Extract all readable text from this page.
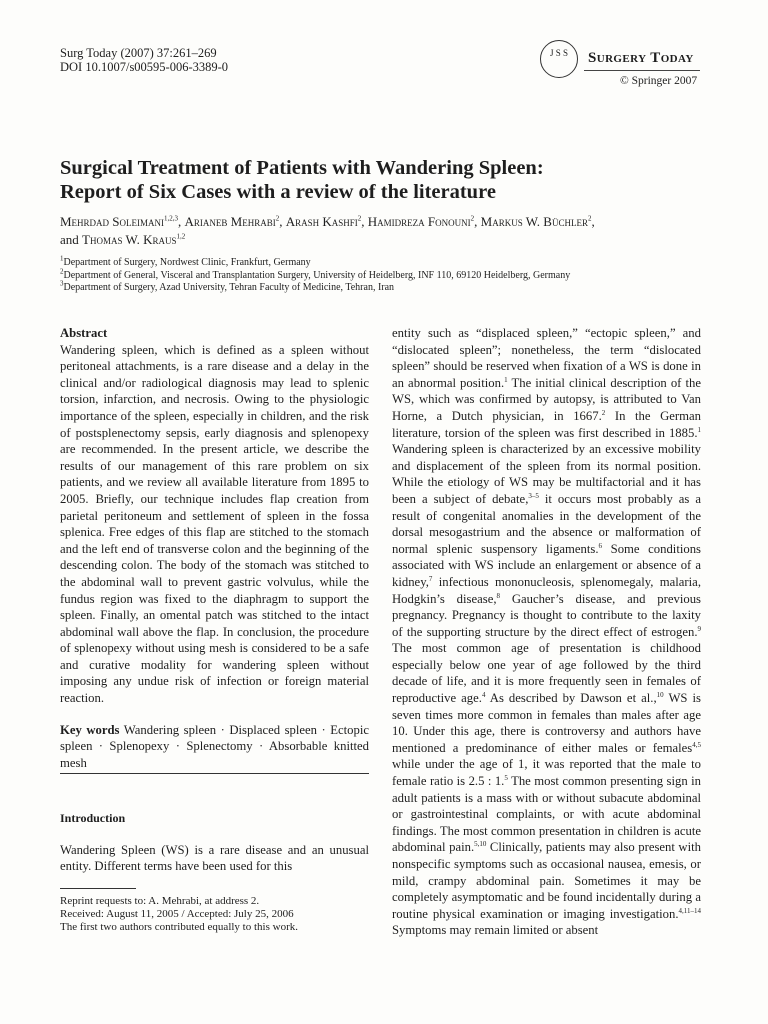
Surg Today (2007) 37:261–269
DOI 10.1007/s00595-006-3389-0
J S S	Surgery Today
© Springer 2007
Surgical Treatment of Patients with Wandering Spleen:
Report of Six Cases with a review of the literature
Mehrdad Soleimani$^{1,2,3}$, Arianeb Mehrabi$^2$, Arash Kashfi$^2$, Hamidreza Fonouni$^2$, Markus W. Büchler$^2$,
and Thomas W. Kraus$^{1,2}$
$^1$Department of Surgery, Nordwest Clinic, Frankfurt, Germany
$^2$Department of General, Visceral and Transplantation Surgery, University of Heidelberg, INF 110, 69120 Heidelberg, Germany
$^3$Department of Surgery, Azad University, Tehran Faculty of Medicine, Tehran, Iran

Abstract

Wandering spleen, which is defined as a spleen without peritoneal attachments, is a rare disease and a delay in the clinical and/or radiological diagnosis may lead to splenic torsion, infarction, and necrosis. Owing to the physiologic importance of the spleen, especially in children, and the risk of postsplenectomy sepsis, early diagnosis and splenopexy are recommended. In the present article, we describe the results of our management of this rare problem on six patients, and we review all available literature from 1895 to 2005. Briefly, our technique includes flap creation from parietal peritoneum and settlement of spleen in the fossa splenica. Free edges of this flap are stitched to the stomach and the left end of transverse colon and the beginning of the descending colon. The body of the stomach was stitched to the abdominal wall to prevent gastric volvulus, while the fundus region was fixed to the diaphragm to support the spleen. Finally, an omental patch was stitched to the intact abdominal wall above the flap. In conclusion, the procedure of splenopexy without using mesh is considered to be a safe and curative modality for wandering spleen without imposing any undue risk of infection or foreign material reaction.

Key words Wandering spleen · Displaced spleen · Ectopic spleen · Splenopexy · Splenectomy · Absorbable knitted mesh

Introduction

Wandering Spleen (WS) is a rare disease and an unusual entity. Different terms have been used for this

Reprint requests to: A. Mehrabi, at address 2.
Received: August 11, 2005 / Accepted: July 25, 2006
The first two authors contributed equally to this work.

entity such as “displaced spleen,” “ectopic spleen,” and “dislocated spleen”; nonetheless, the term “dislocated spleen” should be reserved when fixation of a WS is done in an abnormal position.$^1$ The initial clinical description of the WS, which was confirmed by autopsy, is attributed to Van Horne, a Dutch physician, in 1667.$^2$ In the German literature, torsion of the spleen was first described in 1885.$^1$ Wandering spleen is characterized by an excessive mobility and displacement of the spleen from its normal position. While the etiology of WS may be multifactorial and it has been a subject of debate,$^{3-5}$ it occurs most probably as a result of congenital anomalies in the development of the dorsal mesogastrium and the absence or malformation of normal splenic suspensory ligaments.$^6$ Some conditions associated with WS include an enlargement or absence of a kidney,$^7$ infectious mononucleosis, splenomegaly, malaria, Hodgkin’s disease,$^8$ Gaucher’s disease, and previous pregnancy. Pregnancy is thought to contribute to the laxity of the supporting structure by the direct effect of estrogen.$^9$ The most common age of presentation is childhood especially below one year of age followed by the third decade of life, and it is more frequently seen in females of reproductive age.$^4$ As described by Dawson et al.,$^{10}$ WS is seven times more common in females than males after age 10. Under this age, there is controversy and authors have mentioned a predominance of either males or females$^{4,5}$ while under the age of 1, it was reported that the male to female ratio is 2.5 : 1.$^5$ The most common presenting sign in adult patients is a mass with or without subacute abdominal or gastrointestinal complaints, or with acute abdominal findings. The most common presentation in children is acute abdominal pain.$^{5,10}$ Clinically, patients may also present with nonspecific symptoms such as occasional nausea, emesis, or mild, crampy abdominal pain. Sometimes it may be completely asymptomatic and be found incidentally during a routine physical examination or imaging investigation.$^{4,11-14}$ Symptoms may remain limited or absent
